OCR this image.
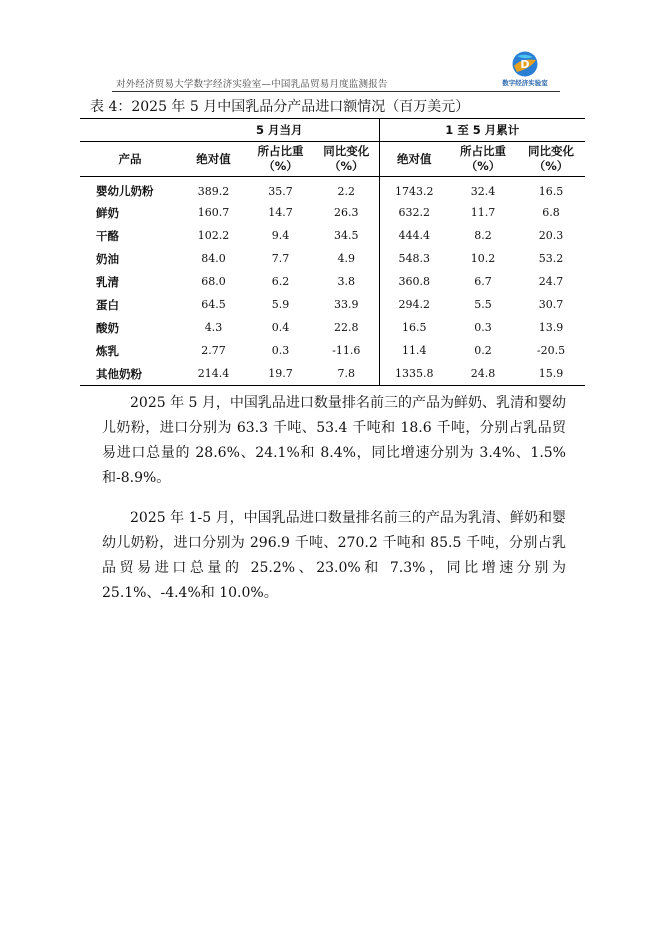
对外经济贸易大学数字经济实验室—中国乳品贸易月度监测报告
D
数字经济实验室
表 4：2025 年 5 月中国乳品分产品进口额情况（百万美元）
	5 月当月			1 至 5 月累计		
产品	绝对值	所占比重（%）	同比变化（%）	绝对值	所占比重（%）	同比变化（%）
婴幼儿奶粉	389.2	35.7	2.2	1743.2	32.4	16.5
鲜奶	160.7	14.7	26.3	632.2	11.7	6.8
干酪	102.2	9.4	34.5	444.4	8.2	20.3
奶油	84.0	7.7	4.9	548.3	10.2	53.2
乳清	68.0	6.2	3.8	360.8	6.7	24.7
蛋白	64.5	5.9	33.9	294.2	5.5	30.7
酸奶	4.3	0.4	22.8	16.5	0.3	13.9
炼乳	2.77	0.3	-11.6	11.4	0.2	-20.5
其他奶粉	214.4	19.7	7.8	1335.8	24.8	15.9

2025 年 5 月，中国乳品进口数量排名前三的产品为鲜奶、乳清和婴幼儿奶粉，进口分别为 63.3 千吨、53.4 千吨和 18.6 千吨，分别占乳品贸易进口总量的 28.6%、24.1%和 8.4%，同比增速分别为 3.4%、1.5%和-8.9%。

2025 年 1-5 月，中国乳品进口数量排名前三的产品为乳清、鲜奶和婴幼儿奶粉，进口分别为 296.9 千吨、270.2 千吨和 85.5 千吨，分别占乳品贸易进口总量的 25.2%、23.0%和 7.3%，同比增速分别为 25.1%、-4.4%和 10.0%。
